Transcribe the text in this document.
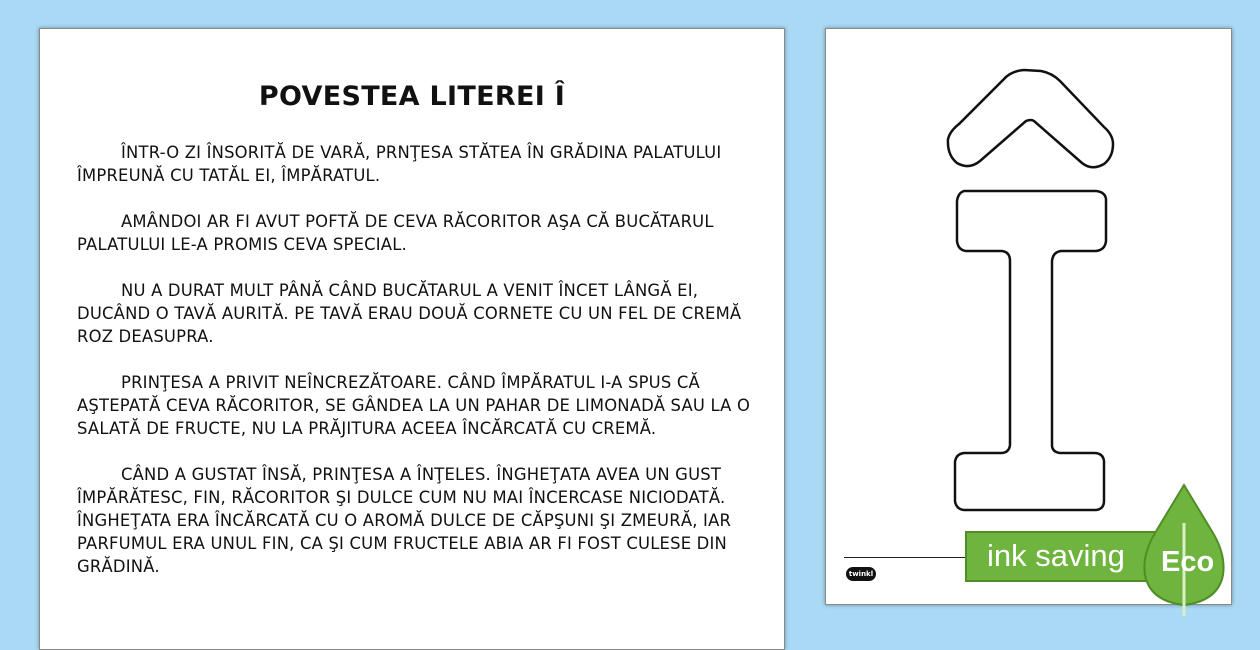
POVESTEA LITEREI Î

ÎNTR-O ZI ÎNSORITĂ DE VARĂ, PRNŢESA STĂTEA ÎN GRĂDINA PALATULUI ÎMPREUNĂ CU TATĂL EI, ÎMPĂRATUL.

AMÂNDOI AR FI AVUT POFTĂ DE CEVA RĂCORITOR AŞA CĂ BUCĂTARUL PALATULUI LE-A PROMIS CEVA SPECIAL.

NU A DURAT MULT PÂNĂ CÂND BUCĂTARUL A VENIT ÎNCET LÂNGĂ EI, DUCÂND O TAVĂ AURITĂ. PE TAVĂ ERAU DOUĂ CORNETE CU UN FEL DE CREMĂ ROZ DEASUPRA.

PRINŢESA A PRIVIT NEÎNCREZĂTOARE. CÂND ÎMPĂRATUL I-A SPUS CĂ AŞTEPATĂ CEVA RĂCORITOR, SE GÂNDEA LA UN PAHAR DE LIMONADĂ SAU LA O SALATĂ DE FRUCTE, NU LA PRĂJITURA ACEEA ÎNCĂRCATĂ CU CREMĂ.

CÂND A GUSTAT ÎNSĂ, PRINŢESA A ÎNŢELES. ÎNGHEŢATA AVEA UN GUST ÎMPĂRĂTESC, FIN, RĂCORITOR ŞI DULCE CUM NU MAI ÎNCERCASE NICIODATĂ. ÎNGHEŢATA ERA ÎNCĂRCATĂ CU O AROMĂ DULCE DE CĂPŞUNI ŞI ZMEURĂ, IAR PARFUMUL ERA UNUL FIN, CA ŞI CUM FRUCTELE ABIA AR FI FOST CULESE DIN GRĂDINĂ.	twinkl
ink saving Eco
